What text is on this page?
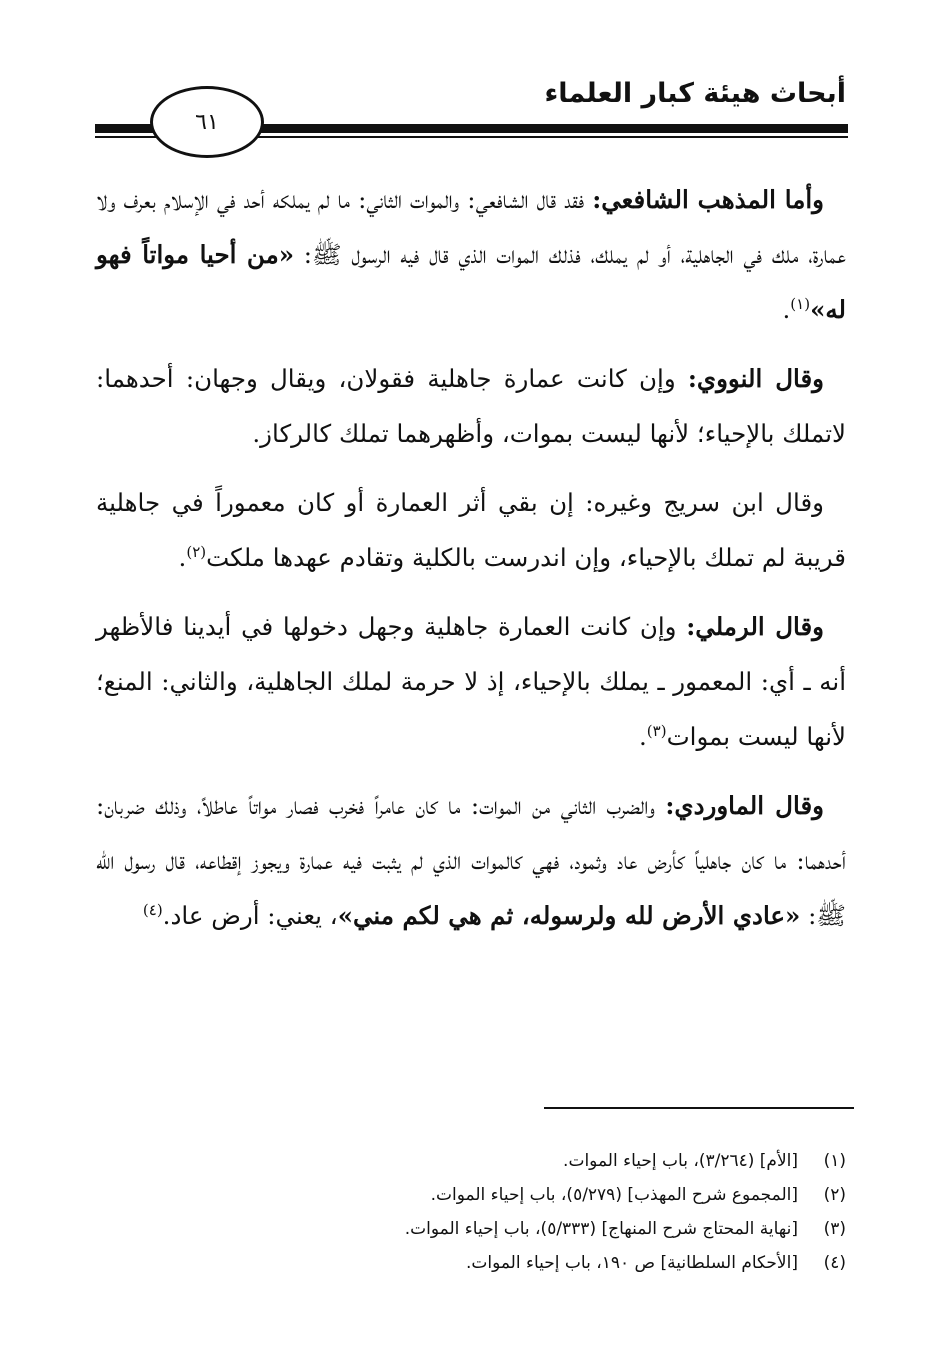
أبحاث هيئة كبار العلماء
٦١

وأما المذهب الشافعي: فقد قال الشافعي: والموات الثاني: ما لم يملكه أحد في الإسلام بعرف ولا عمارة، ملك في الجاهلية، أو لم يملك، فذلك الموات الذي قال فيه الرسول ﷺ: «من أحيا مواتاً فهو له»$^{(١)}$.

وقال النووي: وإن كانت عمارة جاهلية فقولان، ويقال وجهان: أحدهما: لاتملك بالإحياء؛ لأنها ليست بموات، وأظهرهما تملك كالركاز.

وقال ابن سريج وغيره: إن بقي أثر العمارة أو كان معموراً في جاهلية قريبة لم تملك بالإحياء، وإن اندرست بالكلية وتقادم عهدها ملكت$^{(٢)}$.

وقال الرملي: وإن كانت العمارة جاهلية وجهل دخولها في أيدينا فالأظهر أنه ـ أي: المعمور ـ يملك بالإحياء، إذ لا حرمة لملك الجاهلية، والثاني: المنع؛ لأنها ليست بموات$^{(٣)}$.

وقال الماوردي: والضرب الثاني من الموات: ما كان عامراً فخرب فصار مواتاً عاطلاً، وذلك ضربان: أحدهما: ما كان جاهلياً كأرض عاد وثمود، فهي كالموات الذي لم يثبت فيه عمارة ويجوز إقطاعه، قال رسول الله ﷺ: «عادي الأرض لله ولرسوله، ثم هي لكم مني»، يعني: أرض عاد.$^{(٤)}$

(١)
[الأم] (٣/٢٦٤)، باب إحياء الموات.
(٢)
[المجموع شرح المهذب] (٥/٢٧٩)، باب إحياء الموات.
(٣)
[نهاية المحتاج شرح المنهاج] (٥/٣٣٣)، باب إحياء الموات.
(٤)
[الأحكام السلطانية] ص ١٩٠، باب إحياء الموات.
